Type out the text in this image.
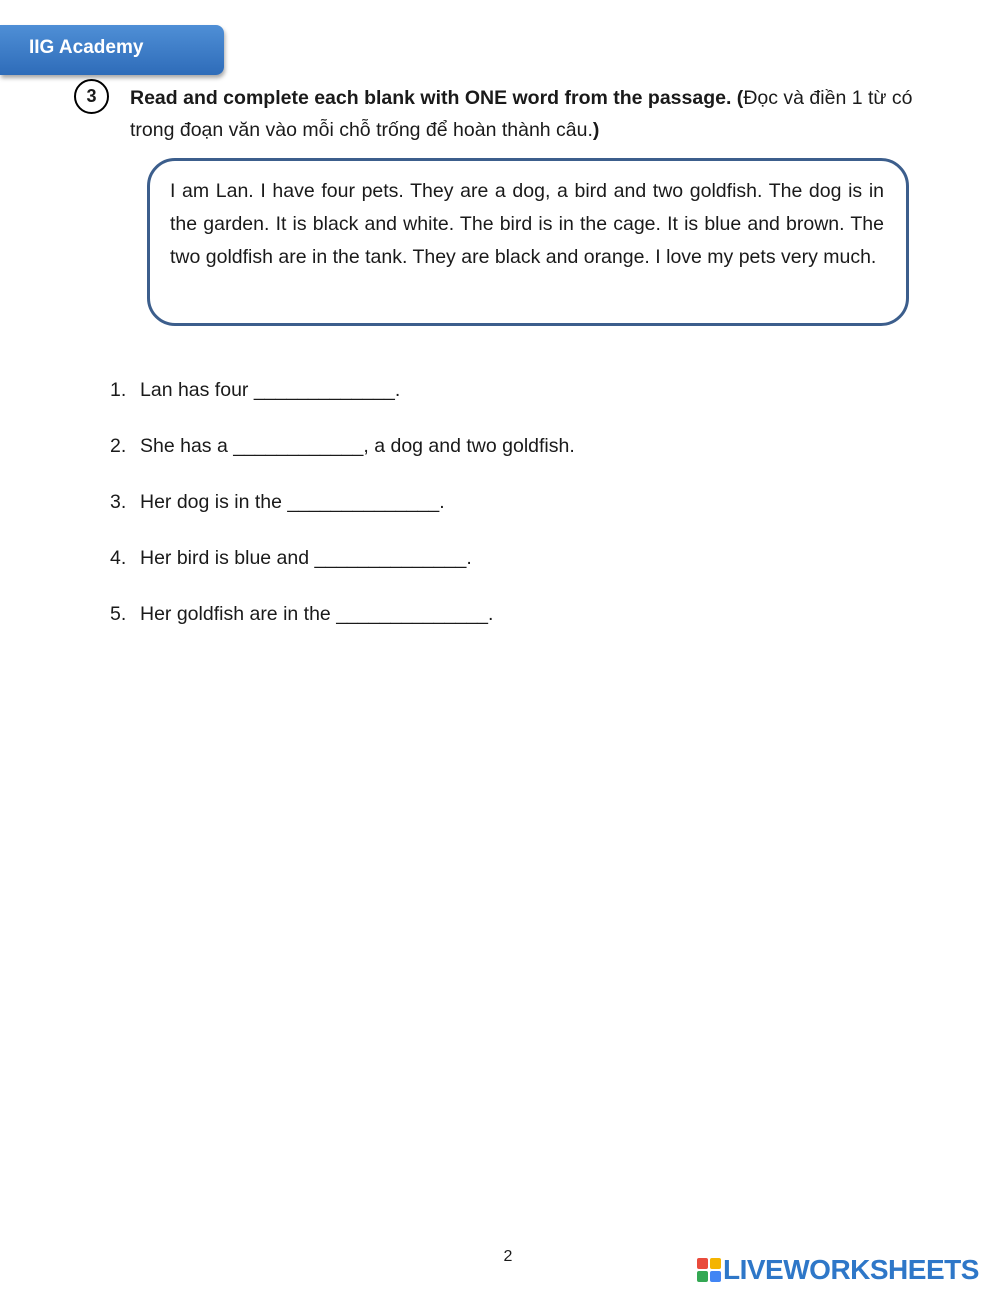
IIG Academy
3	Read and complete each blank with ONE word from the passage. (Đọc và điền 1 từ có trong đoạn văn vào mỗi chỗ trống để hoàn thành câu.)
I am Lan. I have four pets. They are a dog, a bird and two goldfish. The dog is in the garden. It is black and white. The bird is in the cage. It is blue and brown. The two goldfish are in the tank. They are black and orange. I love my pets very much.
1. Lan has four _____________.
2. She has a ____________, a dog and two goldfish.
3. Her dog is in the ______________.
4. Her bird is blue and ______________.
5. Her goldfish are in the ______________.
2	LIVEWORKSHEETS
